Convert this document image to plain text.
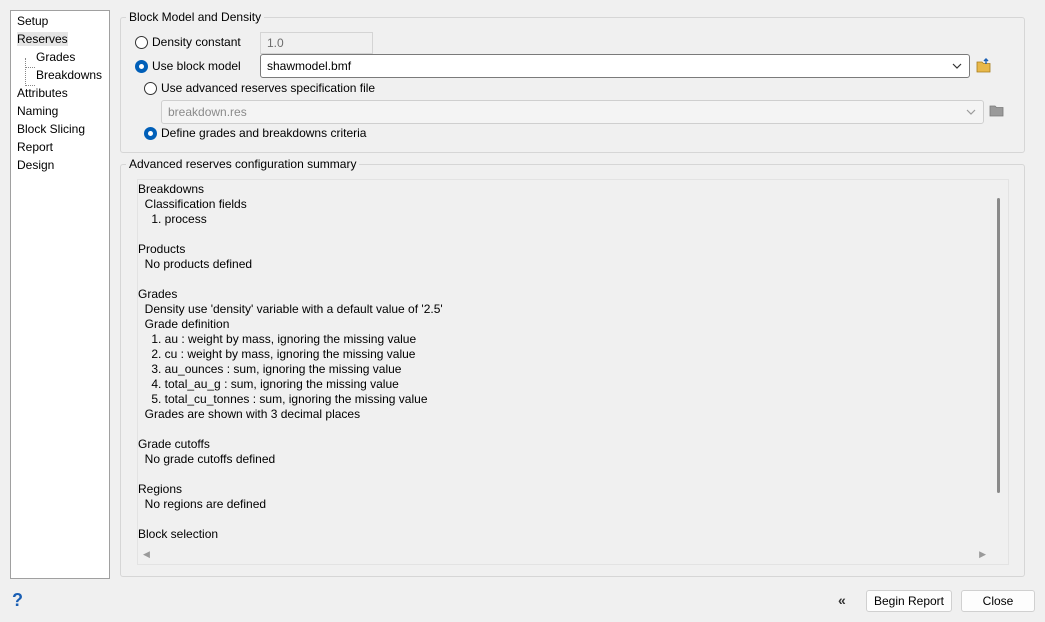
Setup
Reserves
Grades
Breakdowns
Attributes
Naming
Block Slicing
Report
Design
Block Model and Density
Density constant	1.0
Use block model	shawmodel.bmf
Use advanced reserves specification file
breakdown.res
Define grades and breakdowns criteria
Advanced reserves configuration summary
Breakdowns
Classification fields
1. process
Products
No products defined
Grades
Density use 'density' variable with a default value of '2.5'
Grade definition
1. au : weight by mass, ignoring the missing value
2. cu : weight by mass, ignoring the missing value
3. au_ounces : sum, ignoring the missing value
4. total_au_g : sum, ignoring the missing value
5. total_cu_tonnes : sum, ignoring the missing value
Grades are shown with 3 decimal places
Grade cutoffs
No grade cutoffs defined
Regions
No regions are defined
Block selection
◀	▶
?	«	Begin Report	Close
